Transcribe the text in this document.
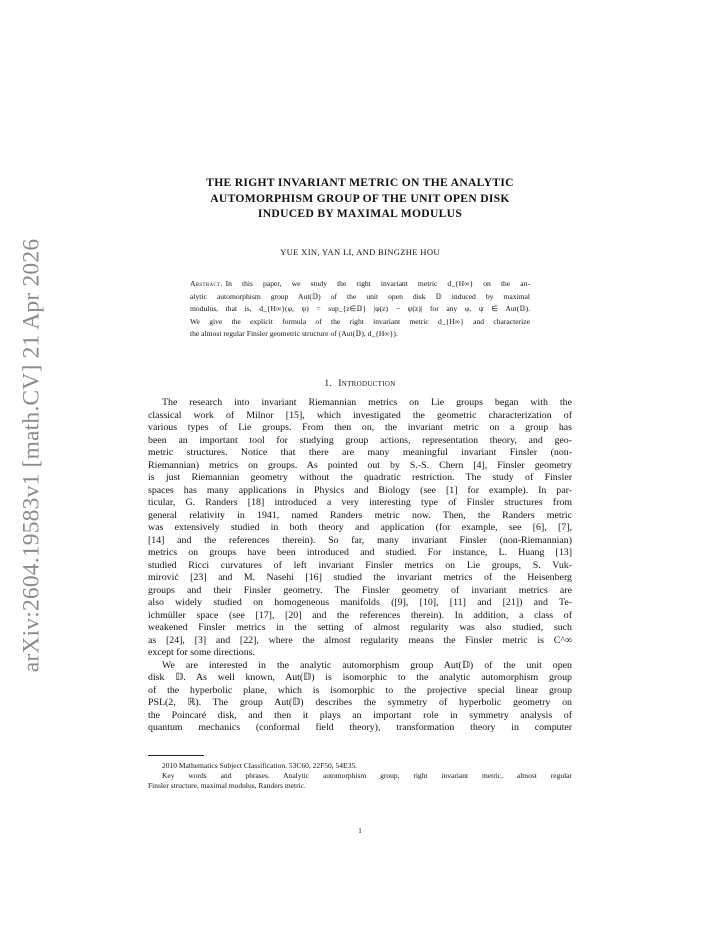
arXiv:2604.19583v1 [math.CV] 21 Apr 2026
THE RIGHT INVARIANT METRIC ON THE ANALYTIC
AUTOMORPHISM GROUP OF THE UNIT OPEN DISK
INDUCED BY MAXIMAL MODULUS
YUE XIN, YAN LI, AND BINGZHE HOU
Abstract. In this paper, we study the right invariant metric d_{H∞} on the an-
alytic automorphism group Aut(𝔻) of the unit open disk 𝔻 induced by maximal
modulus, that is, d_{H∞}(φ, ψ) = sup_{z∈𝔻} |φ(z) − ψ(z)| for any φ, ψ ∈ Aut(𝔻).
We give the explicit formula of the right invariant metric d_{H∞} and characterize
the almost regular Finsler geometric structure of (Aut(𝔻), d_{H∞}).
1. Introduction
The research into invariant Riemannian metrics on Lie groups began with the
classical work of Milnor [15], which investigated the geometric characterization of
various types of Lie groups. From then on, the invariant metric on a group has
been an important tool for studying group actions, representation theory, and geo-
metric structures. Notice that there are many meaningful invariant Finsler (non-
Riemannian) metrics on groups. As pointed out by S.-S. Chern [4], Finsler geometry
is just Riemannian geometry without the quadratic restriction. The study of Finsler
spaces has many applications in Physics and Biology (see [1] for example). In par-
ticular, G. Randers [18] introduced a very interesting type of Finsler structures from
general relativity in 1941, named Randers metric now. Then, the Randers metric
was extensively studied in both theory and application (for example, see [6], [7],
[14] and the references therein). So far, many invariant Finsler (non-Riemannian)
metrics on groups have been introduced and studied. For instance, L. Huang [13]
studied Ricci curvatures of left invariant Finsler metrics on Lie groups, S. Vuk-
mirović [23] and M. Nasehi [16] studied the invariant metrics of the Heisenberg
groups and their Finsler geometry. The Finsler geometry of invariant metrics are
also widely studied on homogeneous manifolds ([9], [10], [11] and [21]) and Te-
ichmüller space (see [17], [20] and the references therein). In addition, a class of
weakened Finsler metrics in the setting of almost regularity was also studied, such
as [24], [3] and [22], where the almost regularity means the Finsler metric is C^∞
except for some directions.
We are interested in the analytic automorphism group Aut(𝔻) of the unit open
disk 𝔻. As well known, Aut(𝔻) is isomorphic to the analytic automorphism group
of the hyperbolic plane, which is isomorphic to the projective special linear group
PSL(2, ℝ). The group Aut(𝔻) describes the symmetry of hyperbolic geometry on
the Poincaré disk, and then it plays an important role in symmetry analysis of
quantum mechanics (conformal field theory), transformation theory in computer
2010 Mathematics Subject Classification. 53C60, 22F50, 54E35.
Key words and phrases. Analytic automorphism group, right invariant metric, almost regular
Finsler structure, maximal modulus, Randers metric.
1
